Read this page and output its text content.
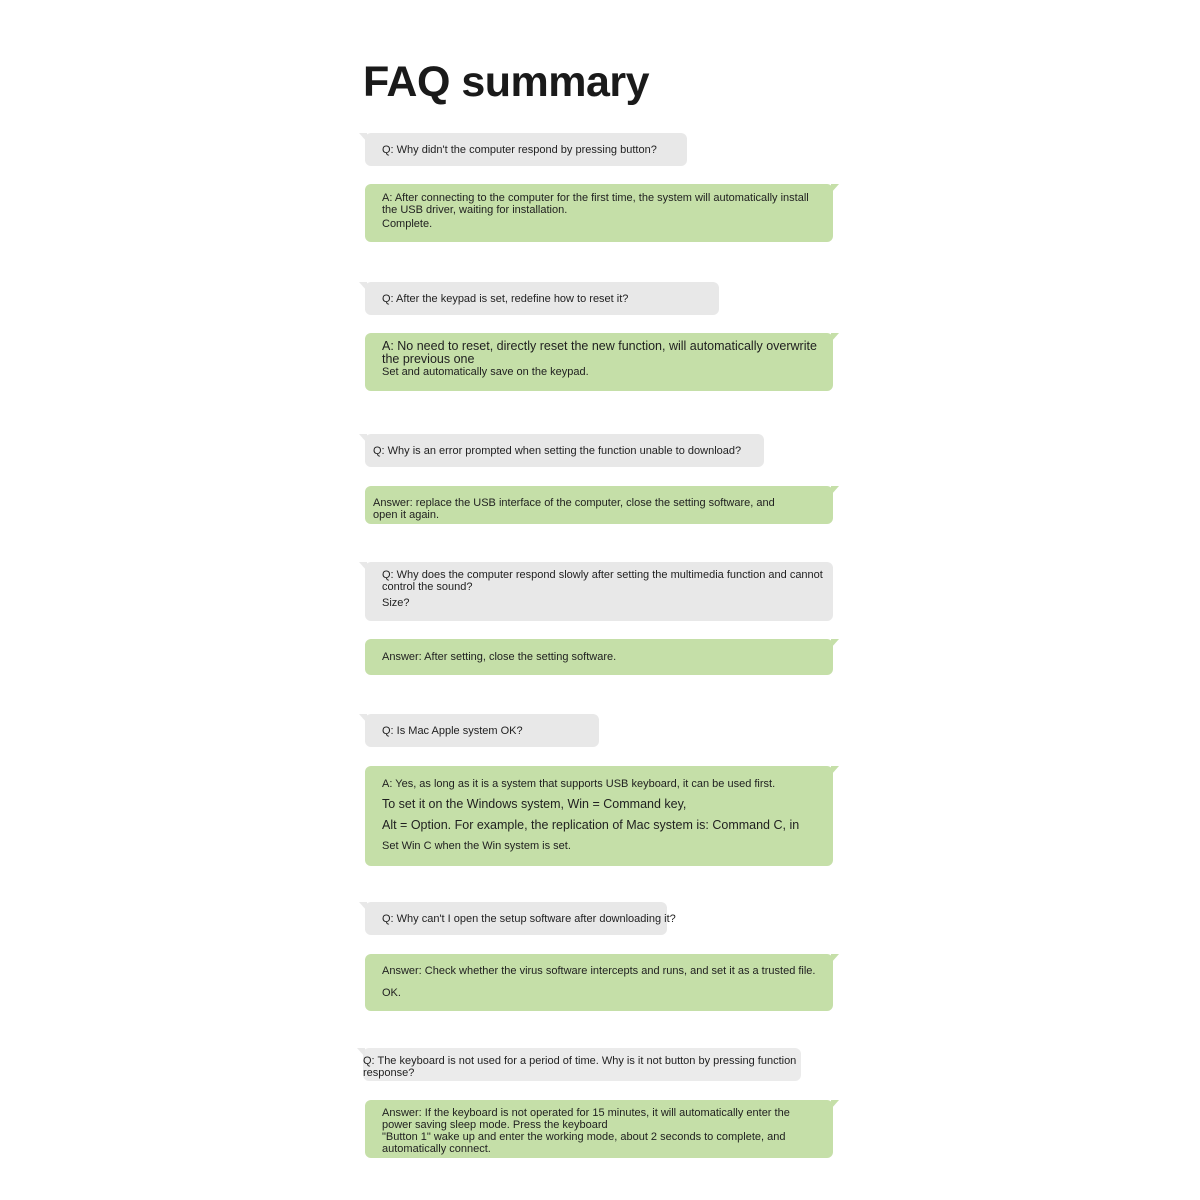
FAQ summary
Q: Why didn't the computer respond by pressing button?
A: After connecting to the computer for the first time, the system will automatically install
the USB driver, waiting for installation.
Complete.
Q: After the keypad is set, redefine how to reset it?
A: No need to reset, directly reset the new function, will automatically overwrite
the previous one
Set and automatically save on the keypad.
Q: Why is an error prompted when setting the function unable to download?
Answer: replace the USB interface of the computer, close the setting software, and
open it again.
Q: Why does the computer respond slowly after setting the multimedia function and cannot
control the sound?
Size?
Answer: After setting, close the setting software.
Q: Is Mac Apple system OK?
A: Yes, as long as it is a system that supports USB keyboard, it can be used first.
To set it on the Windows system, Win = Command key,
Alt = Option. For example, the replication of Mac system is: Command C, in
Set Win C when the Win system is set.
Q: Why can't I open the setup software after downloading it?
Answer: Check whether the virus software intercepts and runs, and set it as a trusted file.
OK.
Q: The keyboard is not used for a period of time. Why is it not button by pressing function
response?
Answer: If the keyboard is not operated for 15 minutes, it will automatically enter the
power saving sleep mode. Press the keyboard
"Button 1" wake up and enter the working mode, about 2 seconds to complete, and
automatically connect.
